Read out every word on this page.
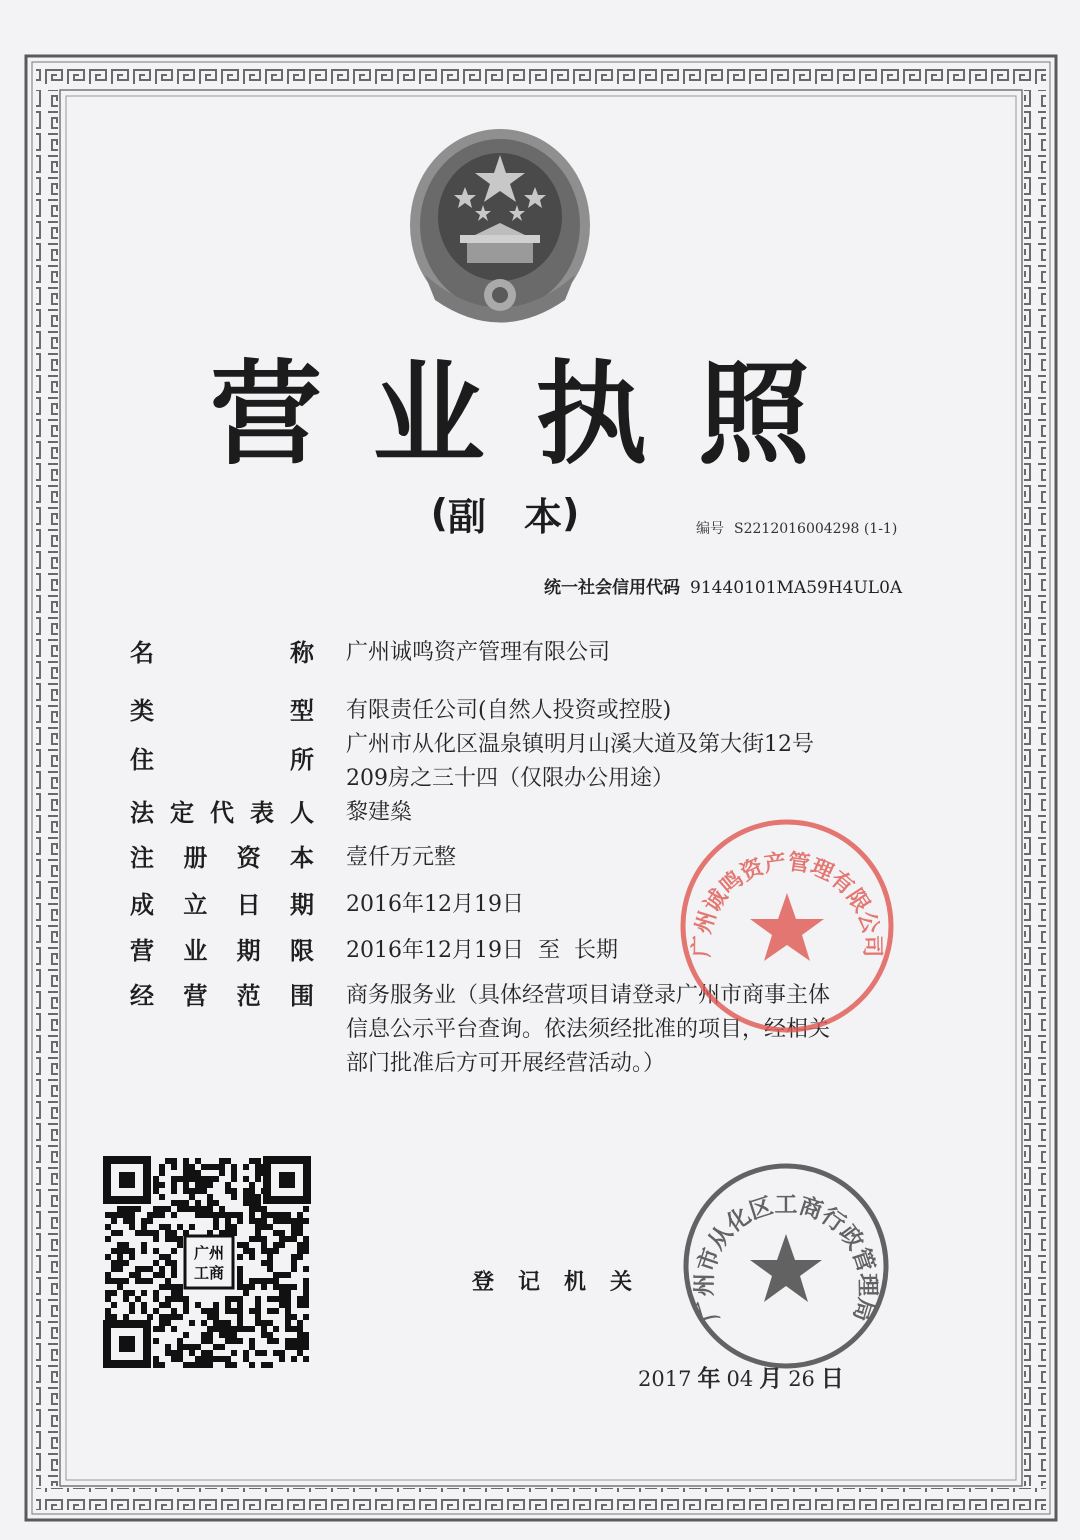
营 业 执 照
( 副　本 )	编号 S2212016004298 (1-1)
统一社会信用代码 91440101MA59H4UL0A
名	称 广州诚鸣资产管理有限公司
类	型 有限责任公司(自然人投资或控股)
住	所
广州市从化区温泉镇明月山溪大道及第大街12号
209房之三十四（仅限办公用途）
法 定 代 表 人 黎建燊
注 册 资 本 壹仟万元整
成 立 日 期 2016年12月19日
营 业 期 限 2016年12月19日  至  长期
经 营 范 围 商务服务业（具体经营项目请登录广州市商事主体
信息公示平台查询。依法须经批准的项目，经相关
部门批准后方可开展经营活动。）
广州
工商	登 记 机 关
广州诚鸣资产管理有限公司
广州市从化区工商行政管理局
2017 年 04 月 26 日
